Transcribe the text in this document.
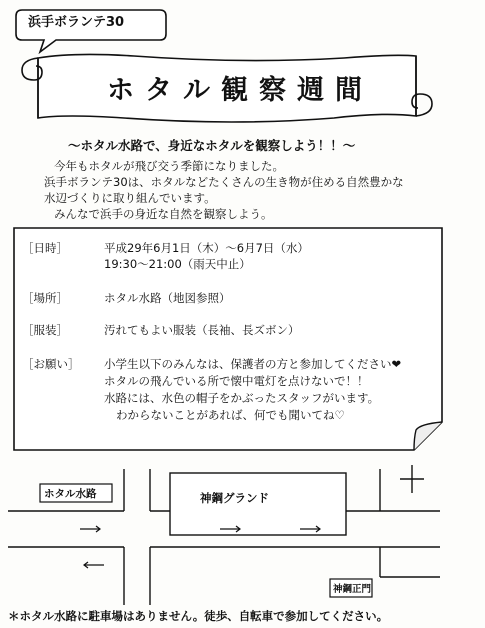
浜手ボランテ30
ホタル観察週間
～ホタル水路で、身近なホタルを観察しよう！！～
今年もホタルが飛び交う季節になりました。
浜手ボランテ30は、ホタルなどたくさんの生き物が住める自然豊かな
水辺づくりに取り組んでいます。
みんなで浜手の身近な自然を観察しよう。
［日時］	平成29年6月1日（木）～6月7日（水）
19:30～21:00（雨天中止）
［場所］	ホタル水路（地図参照）
［服装］	汚れてもよい服装（長袖、長ズボン）
［お願い］ 小学生以下のみんなは、保護者の方と参加してください❤
ホタルの飛んでいる所で懐中電灯を点けないで！！
水路には、水色の帽子をかぶったスタッフがいます。
わからないことがあれば、何でも聞いてね♡
ホタル水路	神鋼グランド
神鋼正門
＊ホタル水路に駐車場はありません。徒歩、自転車で参加してください。
